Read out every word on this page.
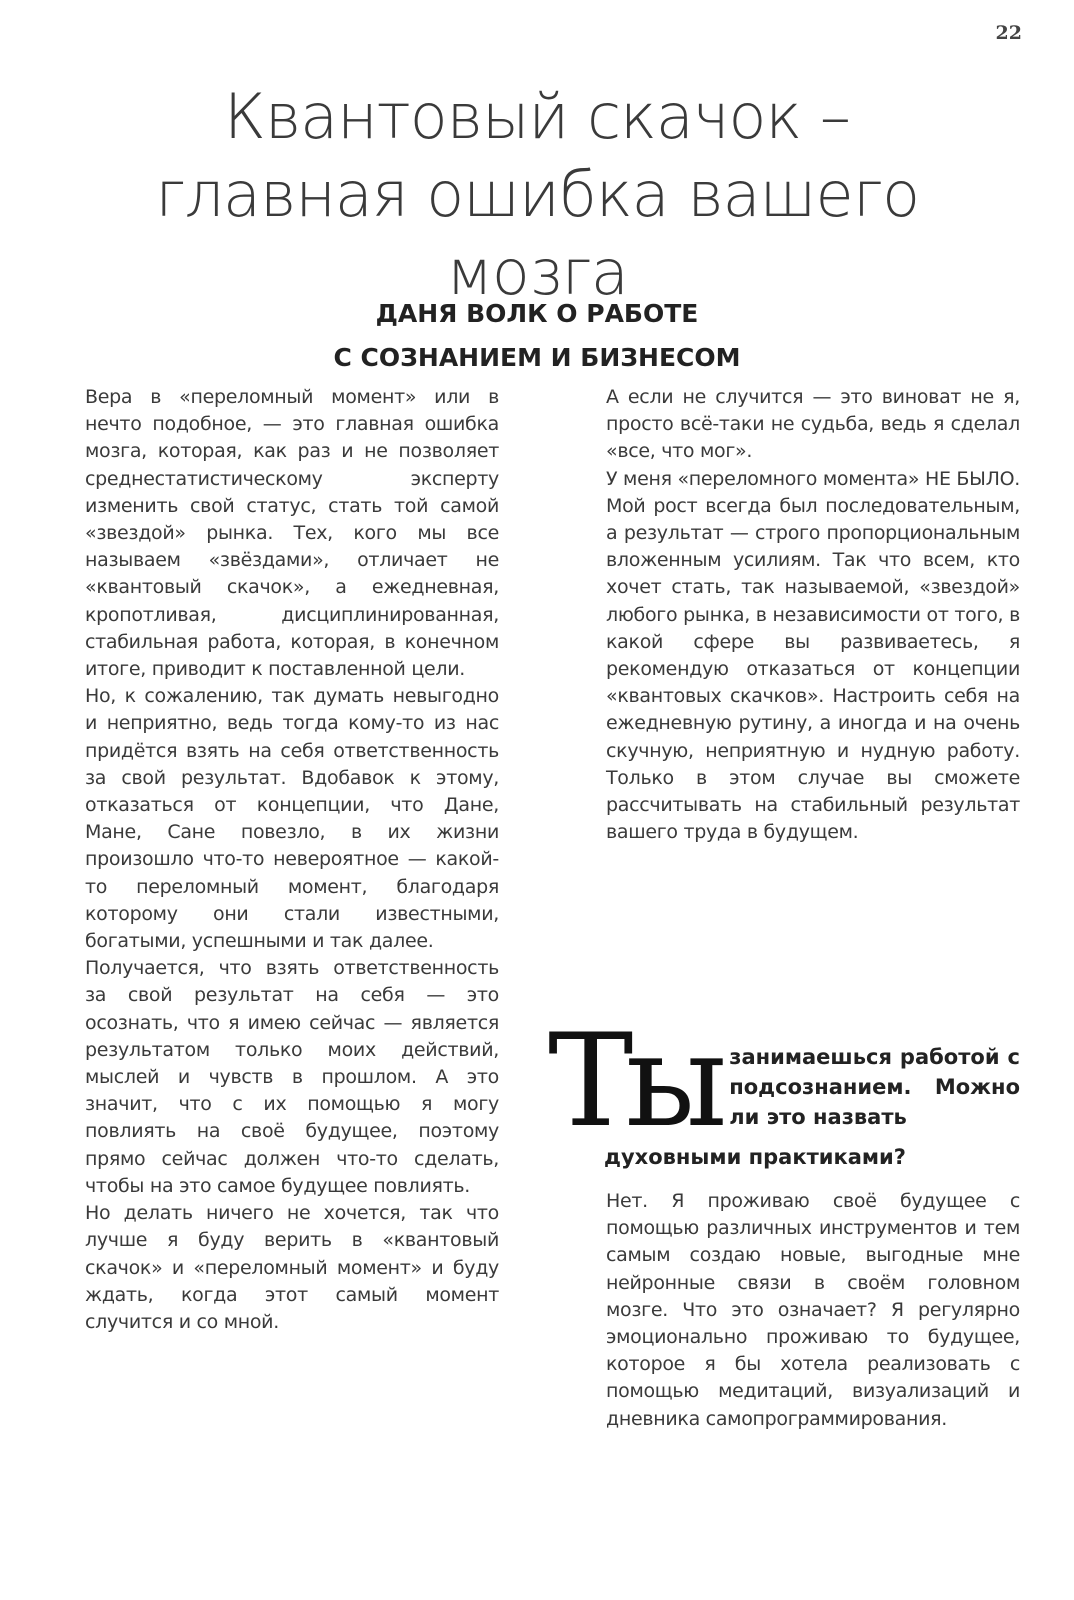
22
Квантовый скачок –
главная ошибка вашего
мозга
ДАНЯ ВОЛК О РАБОТЕ
С СОЗНАНИЕМ И БИЗНЕСОМ

Вера в «переломный момент» или в нечто подобное, — это главная ошибка мозга, которая, как раз и не позволяет среднестатистическому эксперту изменить свой статус, стать той самой «звездой» рынка. Тех, кого мы все называем «звёздами», отличает не «квантовый скачок», а ежедневная, кропотливая, дисциплинированная, стабильная работа, которая, в конечном итоге, приводит к поставленной цели.

Но, к сожалению, так думать невыгодно и неприятно, ведь тогда кому-то из нас придётся взять на себя ответственность за свой результат. Вдобавок к этому, отказаться от концепции, что Дане, Мане, Сане повезло, в их жизни произошло что-то невероятное — какой-то переломный момент, благодаря которому они стали известными, богатыми, успешными и так далее.

Получается, что взять ответственность за свой результат на себя — это осознать, что я имею сейчас — является результатом только моих действий, мыслей и чувств в прошлом. А это значит, что с их помощью я могу повлиять на своё будущее, поэтому прямо сейчас должен что-то сделать, чтобы на это самое будущее повлиять.

Но делать ничего не хочется, так что лучше я буду верить в «квантовый скачок» и «переломный момент» и буду ждать, когда этот самый момент случится и со мной.

А если не случится — это виноват не я, просто всё-таки не судьба, ведь я сделал «все, что мог».

У меня «переломного момента» НЕ БЫЛО. Мой рост всегда был последовательным, а результат — строго пропорциональным вложенным усилиям. Так что всем, кто хочет стать, так называемой, «звездой» любого рынка, в независимости от того, в какой сфере вы развиваетесь, я рекомендую отказаться от концепции «квантовых скачков». Настроить себя на ежедневную рутину, а иногда и на очень скучную, неприятную и нудную работу. Только в этом случае вы сможете рассчитывать на стабильный результат вашего труда в будущем.

Ты занимаешься работой с подсознанием. Можно ли это назвать

духовными практиками?

Нет. Я проживаю своё будущее с помощью различных инструментов и тем самым создаю новые, выгодные мне нейронные связи в своём головном мозге. Что это означает? Я регулярно эмоционально проживаю то будущее, которое я бы хотела реализовать с помощью медитаций, визуализаций и дневника самопрограммирования.
